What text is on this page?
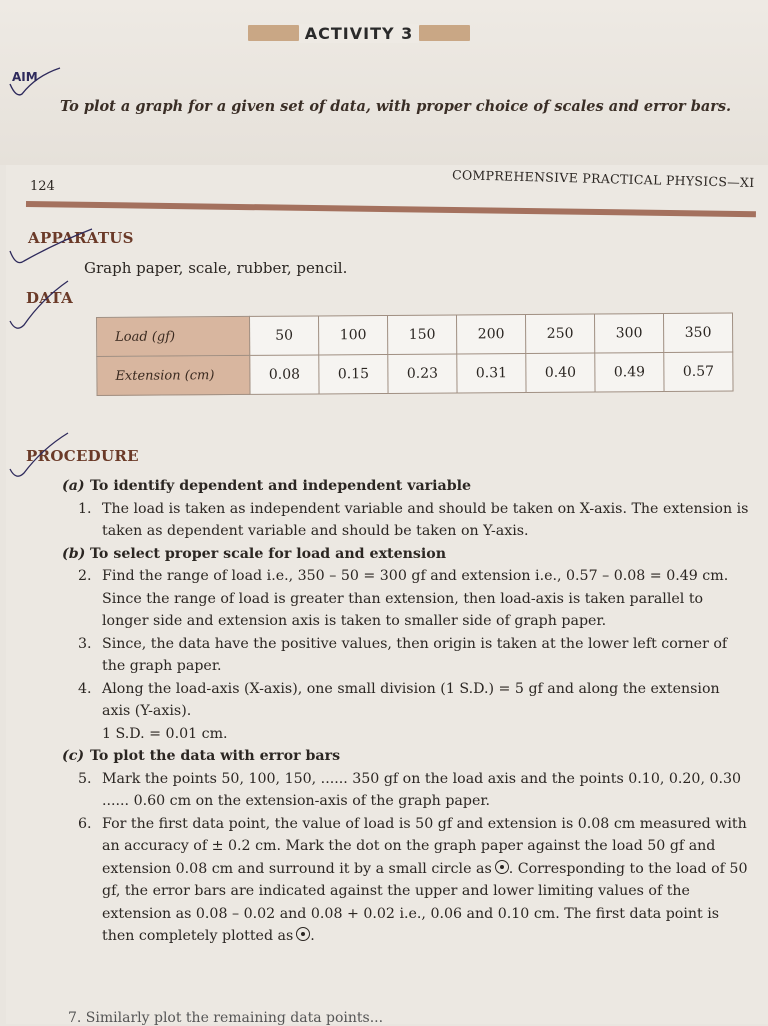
ACTIVITY 3
AIM
To plot a graph for a given set of data, with proper choice of scales and error bars.
124	COMPREHENSIVE PRACTICAL PHYSICS—XI
APPARATUS
Graph paper, scale, rubber, pencil.
DATA
Load (gf)	50	100	150	200	250	300	350
Extension (cm)	0.08	0.15	0.23	0.31	0.40	0.49	0.57
PROCEDURE

(a) To identify dependent and independent variable

1. The load is taken as independent variable and should be taken on X-axis. The extension is taken as dependent variable and should be taken on Y-axis.

(b) To select proper scale for load and extension

2. Find the range of load i.e., 350 – 50 = 300 gf and extension i.e., 0.57 – 0.08 = 0.49 cm. Since the range of load is greater than extension, then load-axis is taken parallel to longer side and extension axis is taken to smaller side of graph paper.
3. Since, the data have the positive values, then origin is taken at the lower left corner of the graph paper.
4. Along the load-axis (X-axis), one small division (1 S.D.) = 5 gf and along the extension axis (Y-axis).
1 S.D. = 0.01 cm.

(c) To plot the data with error bars

5. Mark the points 50, 100, 150, ...... 350 gf on the load axis and the points 0.10, 0.20, 0.30 ...... 0.60 cm on the extension-axis of the graph paper.
6. For the first data point, the value of load is 50 gf and extension is 0.08 cm measured with an accuracy of ± 0.2 cm. Mark the dot on the graph paper against the load 50 gf and extension 0.08 cm and surround it by a small circle as . Corresponding to the load of 50 gf, the error bars are indicated against the upper and lower limiting values of the extension as 0.08 – 0.02 and 0.08 + 0.02 i.e., 0.06 and 0.10 cm. The first data point is then completely plotted as .
7. Similarly plot the remaining data points...
